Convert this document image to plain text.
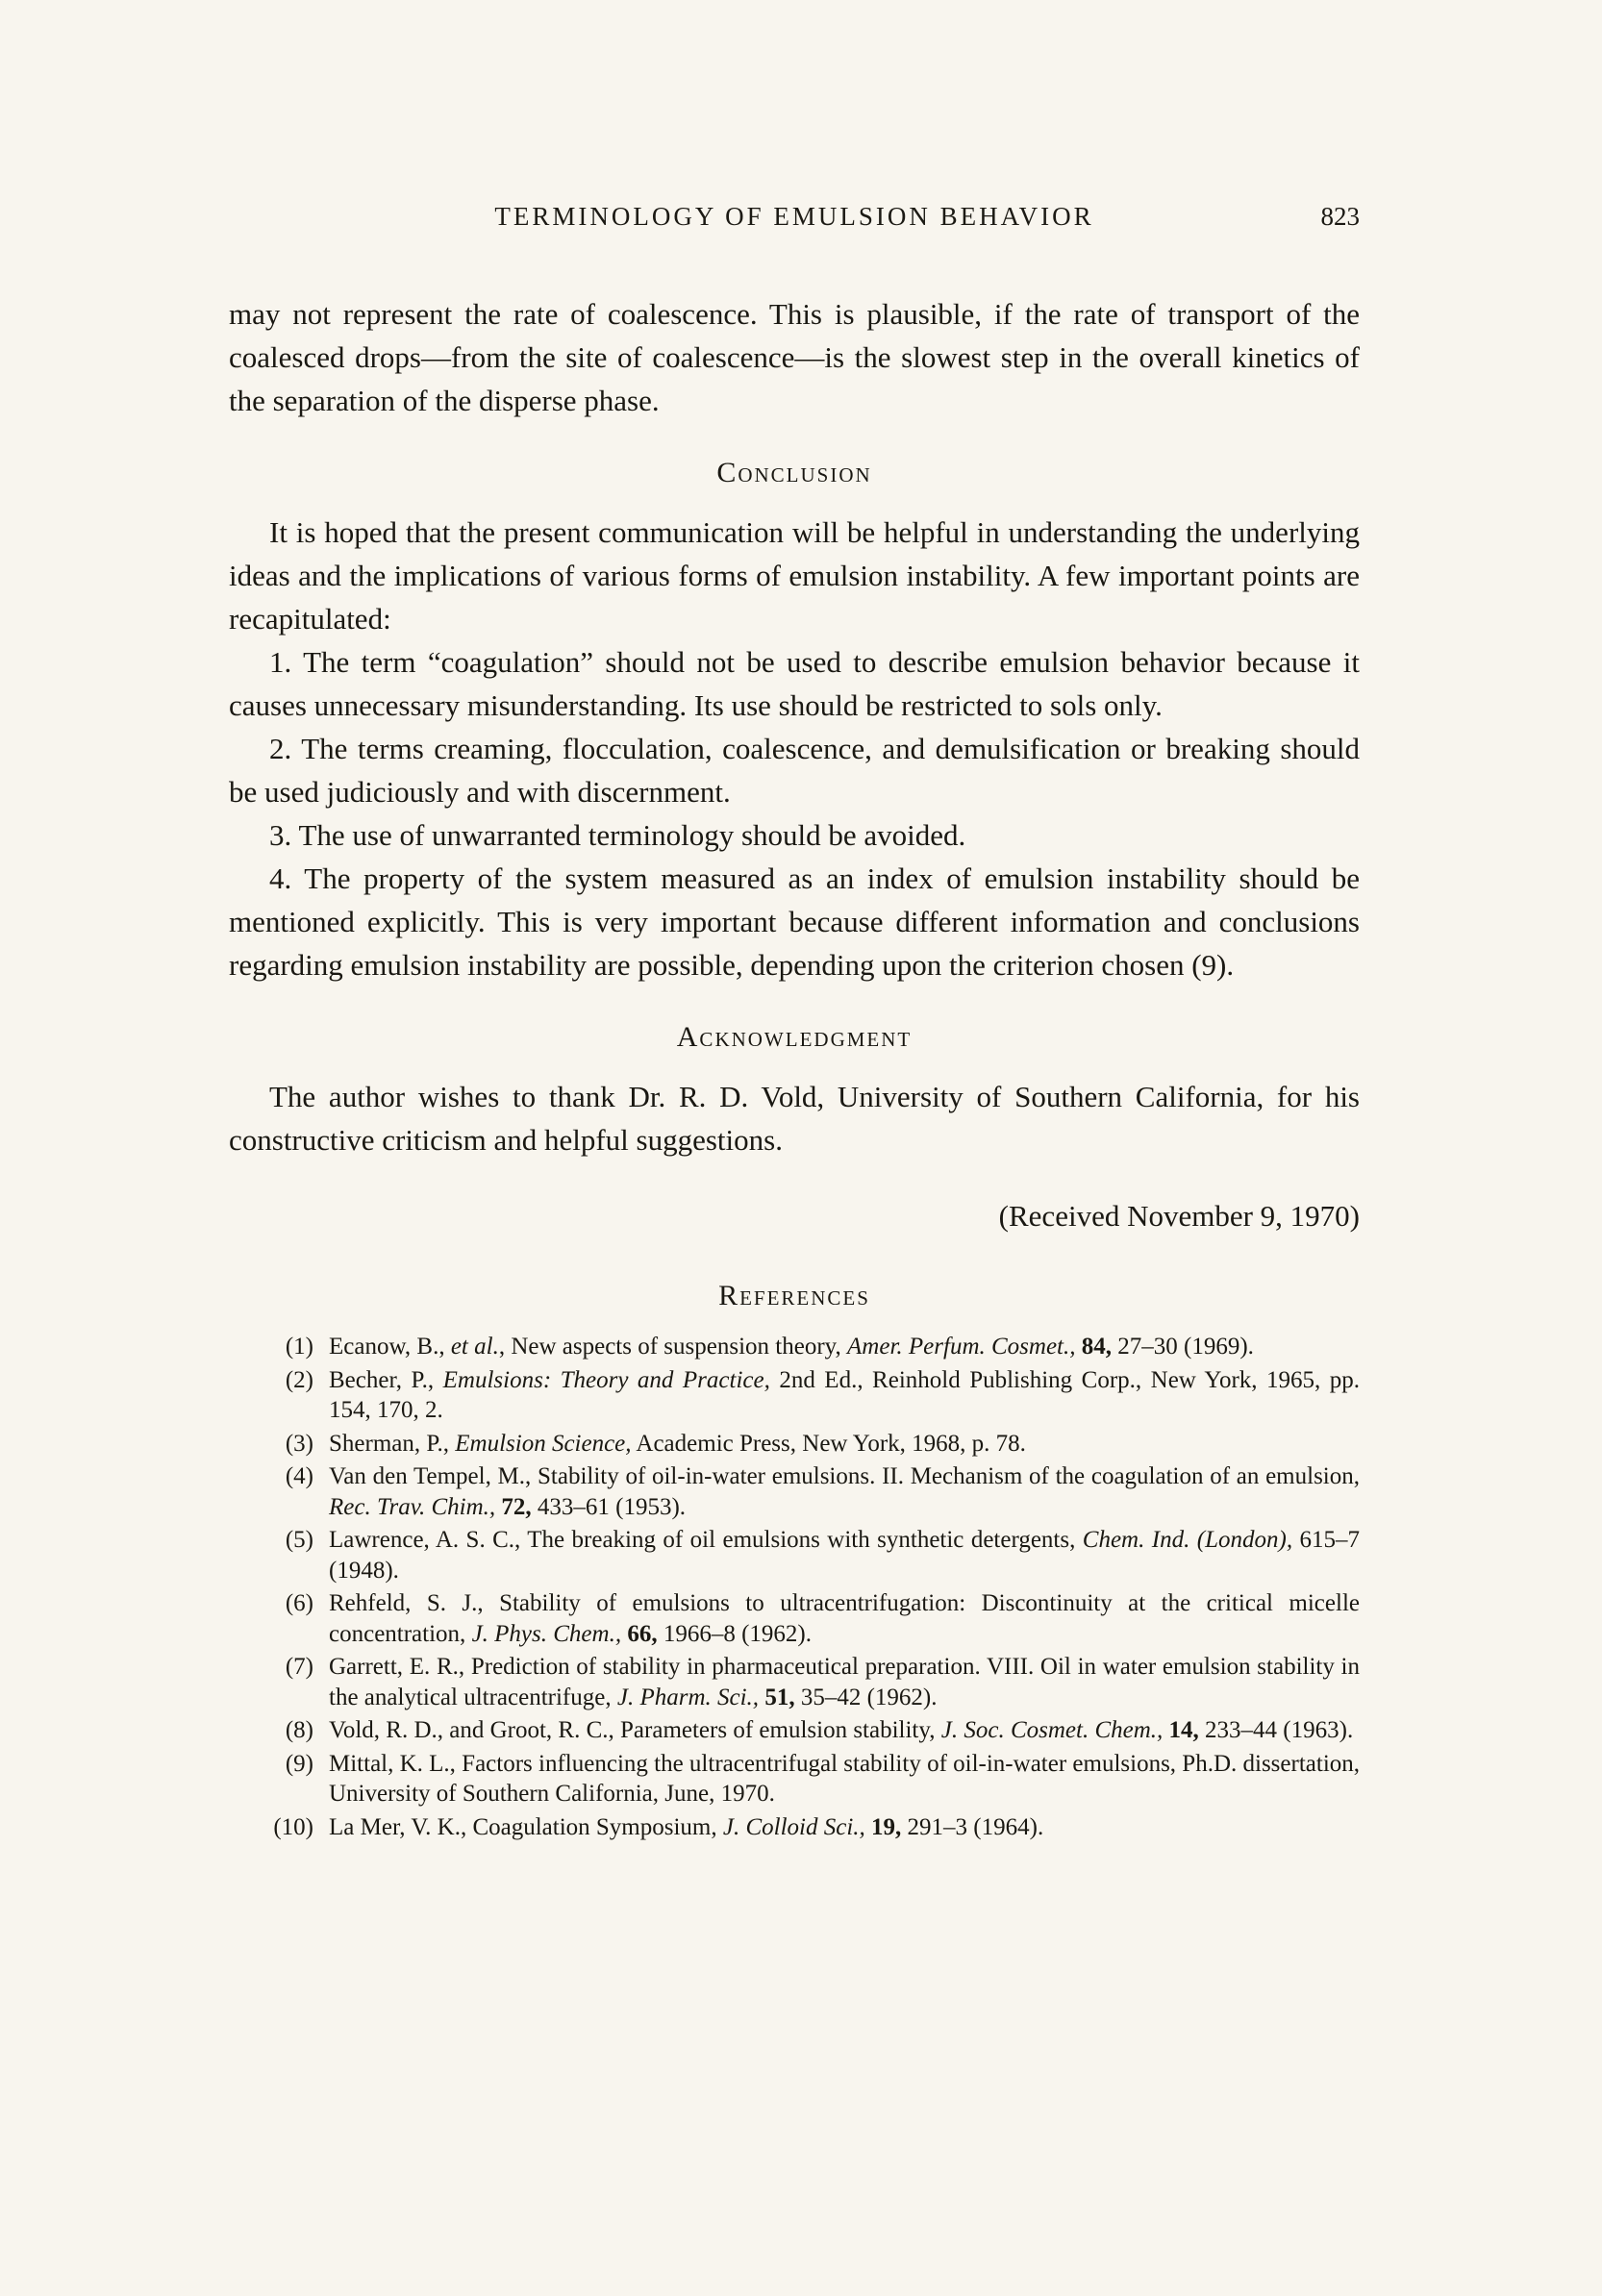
TERMINOLOGY OF EMULSION BEHAVIOR	823

may not represent the rate of coalescence. This is plausible, if the rate of transport of the coalesced drops—from the site of coalescence—is the slowest step in the overall kinetics of the separation of the disperse phase.

Conclusion

It is hoped that the present communication will be helpful in understanding the underlying ideas and the implications of various forms of emulsion instability. A few important points are recapitulated:

1. The term “coagulation” should not be used to describe emulsion behavior because it causes unnecessary misunderstanding. Its use should be restricted to sols only.

2. The terms creaming, flocculation, coalescence, and demulsification or breaking should be used judiciously and with discernment.

3. The use of unwarranted terminology should be avoided.

4. The property of the system measured as an index of emulsion instability should be mentioned explicitly. This is very important because different information and conclusions regarding emulsion instability are possible, depending upon the criterion chosen (9).

Acknowledgment

The author wishes to thank Dr. R. D. Vold, University of Southern California, for his constructive criticism and helpful suggestions.

(Received November 9, 1970)

References
(1) Ecanow, B., et al., New aspects of suspension theory, Amer. Perfum. Cosmet., 84, 27–30 (1969).
(2) Becher, P., Emulsions: Theory and Practice, 2nd Ed., Reinhold Publishing Corp., New York, 1965, pp. 154, 170, 2.
(3) Sherman, P., Emulsion Science, Academic Press, New York, 1968, p. 78.
(4) Van den Tempel, M., Stability of oil-in-water emulsions. II. Mechanism of the coagulation of an emulsion, Rec. Trav. Chim., 72, 433–61 (1953).
(5) Lawrence, A. S. C., The breaking of oil emulsions with synthetic detergents, Chem. Ind. (London), 615–7 (1948).
(6) Rehfeld, S. J., Stability of emulsions to ultracentrifugation: Discontinuity at the critical micelle concentration, J. Phys. Chem., 66, 1966–8 (1962).
(7) Garrett, E. R., Prediction of stability in pharmaceutical preparation. VIII. Oil in water emulsion stability in the analytical ultracentrifuge, J. Pharm. Sci., 51, 35–42 (1962).
(8) Vold, R. D., and Groot, R. C., Parameters of emulsion stability, J. Soc. Cosmet. Chem., 14, 233–44 (1963).
(9) Mittal, K. L., Factors influencing the ultracentrifugal stability of oil-in-water emulsions, Ph.D. dissertation, University of Southern California, June, 1970.
(10) La Mer, V. K., Coagulation Symposium, J. Colloid Sci., 19, 291–3 (1964).
